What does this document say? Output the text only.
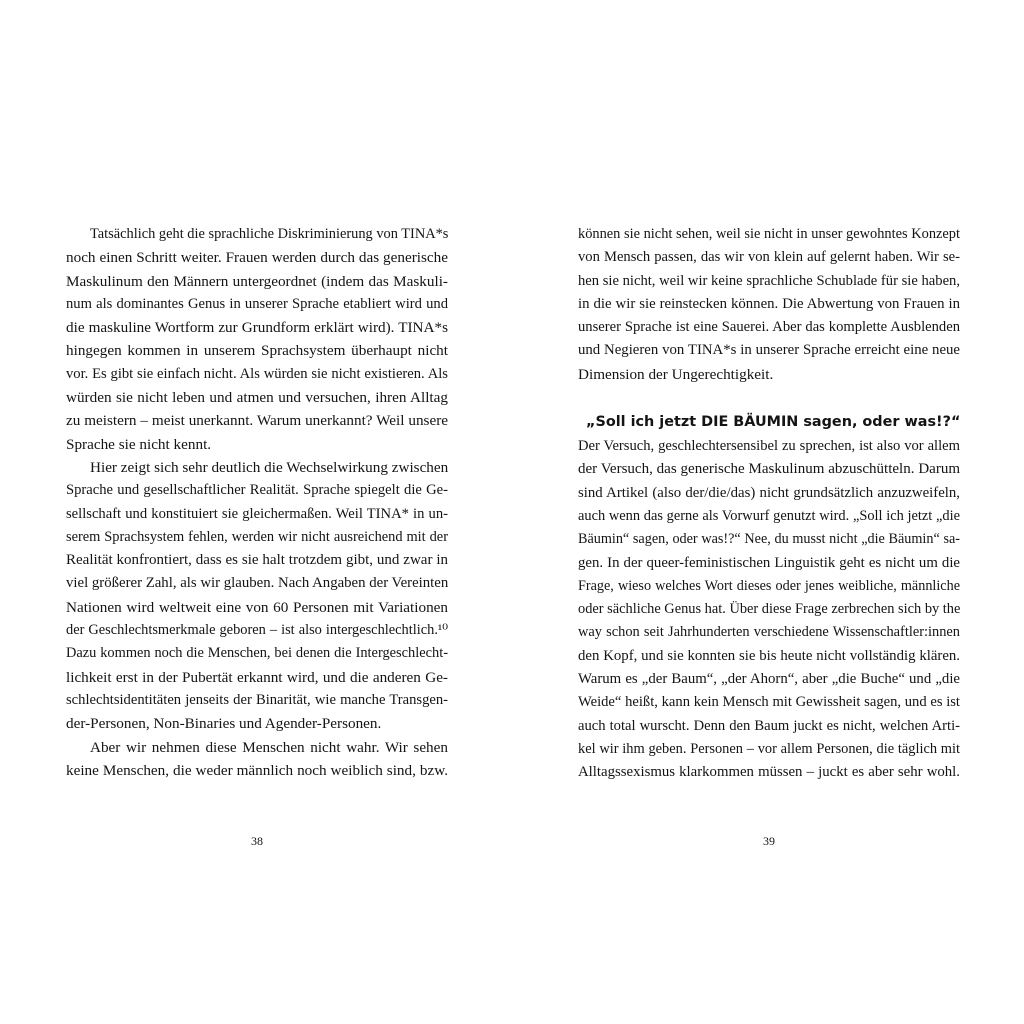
Tatsächlich geht die sprachliche Diskriminierung von TINA*s
noch einen Schritt weiter. Frauen werden durch das generische
Maskulinum den Männern untergeordnet (indem das Maskuli-
num als dominantes Genus in unserer Sprache etabliert wird und
die maskuline Wortform zur Grundform erklärt wird). TINA*s
hingegen kommen in unserem Sprachsystem überhaupt nicht
vor. Es gibt sie einfach nicht. Als würden sie nicht existieren. Als
würden sie nicht leben und atmen und versuchen, ihren Alltag
zu meistern – meist unerkannt. Warum unerkannt? Weil unsere
Sprache sie nicht kennt.
Hier zeigt sich sehr deutlich die Wechselwirkung zwischen
Sprache und gesellschaftlicher Realität. Sprache spiegelt die Ge-
sellschaft und konstituiert sie gleichermaßen. Weil TINA* in un-
serem Sprachsystem fehlen, werden wir nicht ausreichend mit der
Realität konfrontiert, dass es sie halt trotzdem gibt, und zwar in
viel größerer Zahl, als wir glauben. Nach Angaben der Vereinten
Nationen wird weltweit eine von 60 Personen mit Variationen
der Geschlechtsmerkmale geboren – ist also intergeschlechtlich.¹⁰
Dazu kommen noch die Menschen, bei denen die Intergeschlecht-
lichkeit erst in der Pubertät erkannt wird, und die anderen Ge-
schlechtsidentitäten jenseits der Binarität, wie manche Transgen-
der-Personen, Non-Binaries und Agender-Personen.
Aber wir nehmen diese Menschen nicht wahr. Wir sehen
keine Menschen, die weder männlich noch weiblich sind, bzw.
38
können sie nicht sehen, weil sie nicht in unser gewohntes Konzept
von Mensch passen, das wir von klein auf gelernt haben. Wir se-
hen sie nicht, weil wir keine sprachliche Schublade für sie haben,
in die wir sie reinstecken können. Die Abwertung von Frauen in
unserer Sprache ist eine Sauerei. Aber das komplette Ausblenden
und Negieren von TINA*s in unserer Sprache erreicht eine neue
Dimension der Ungerechtigkeit.
„Soll ich jetzt DIE BÄUMIN sagen, oder was!?“
Der Versuch, geschlechtersensibel zu sprechen, ist also vor allem
der Versuch, das generische Maskulinum abzuschütteln. Darum
sind Artikel (also der/die/das) nicht grundsätzlich anzuzweifeln,
auch wenn das gerne als Vorwurf genutzt wird. „Soll ich jetzt „die
Bäumin“ sagen, oder was!?“ Nee, du musst nicht „die Bäumin“ sa-
gen. In der queer-feministischen Linguistik geht es nicht um die
Frage, wieso welches Wort dieses oder jenes weibliche, männliche
oder sächliche Genus hat. Über diese Frage zerbrechen sich by the
way schon seit Jahrhunderten verschiedene Wissenschaftler:innen
den Kopf, und sie konnten sie bis heute nicht vollständig klären.
Warum es „der Baum“, „der Ahorn“, aber „die Buche“ und „die
Weide“ heißt, kann kein Mensch mit Gewissheit sagen, und es ist
auch total wurscht. Denn den Baum juckt es nicht, welchen Arti-
kel wir ihm geben. Personen – vor allem Personen, die täglich mit
Alltagssexismus klarkommen müssen – juckt es aber sehr wohl.
39
